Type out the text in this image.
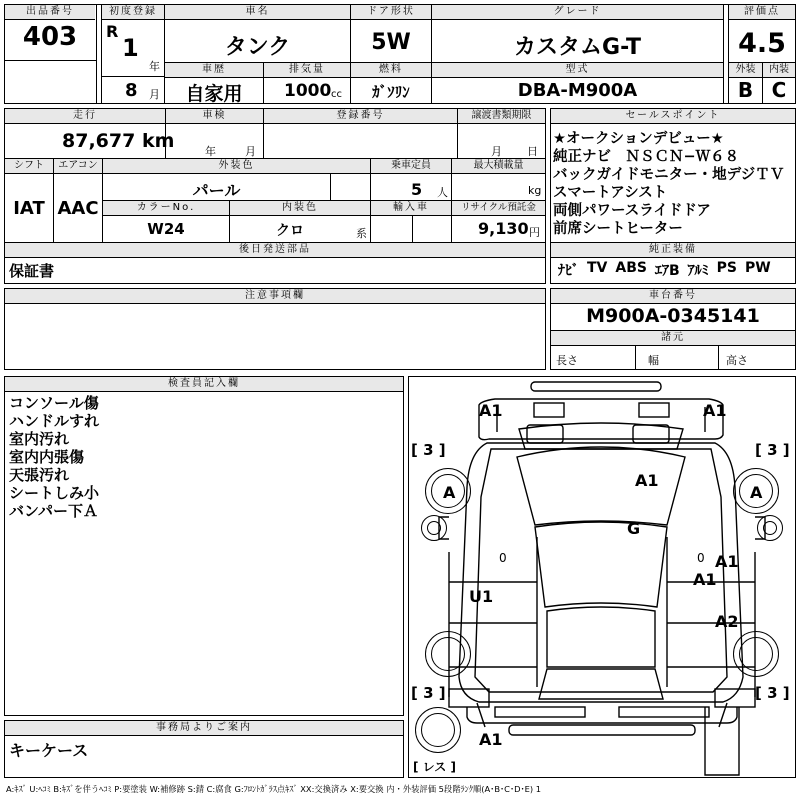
出品番号
403
初度登録
R
1
年
8 月
車名
タンク
車歴
自家用
排気量
1000 cc
ドア形状
5W
燃料
ｶﾞｿﾘﾝ
グレード
カスタムG-T
型式
DBA-M900A
評価点
4.5
外装	内装
B C
走行
87,677 km
車検
年	月
登録番号	譲渡書類期限
月 日
シフト	エアコン
IAT AAC
外装色
パール
乗車定員
5 人
最大積載量
kg
カラーNo.
W24
内装色
クロ	系
輸入車	リサイクル預託金
9,130 円
後日発送部品
保証書
セールスポイント
★オークションデビュー★
純正ナビ　ＮＳＣＮ−Ｗ６８
バックガイドモニター・地デジＴＶ
スマートアシスト
両側パワースライドドア
前席シートヒーター
純正装備
ﾅﾋﾞ TV ABS ｴｱB ｱﾙﾐ PS PW
注意事項欄	車台番号
M900A-0345141
諸元
長さ	幅	高さ
検査員記入欄
コンソール傷
ハンドルすれ
室内汚れ
室内内張傷
天張汚れ
シートしみ小
バンパー下Ａ
事務局よりご案内
キーケース
A1	A1
[ 3 ]	[ 3 ]
A	A
A1
G
0	0 A1
A1
U1
A2
[ 3 ]	[ 3 ]
A1
[ レス ]
A:ｷｽﾞ U:ﾍｺﾐ B:ｷｽﾞを伴うﾍｺﾐ P:要塗装 W:補修跡 S:錆 C:腐食 G:ﾌﾛﾝﾄｶﾞﾗｽ点ｷｽﾞ XX:交換済み X:要交換 内・外装評価 5段階ﾗﾝｸ順(A･B･C･D･E) 1
